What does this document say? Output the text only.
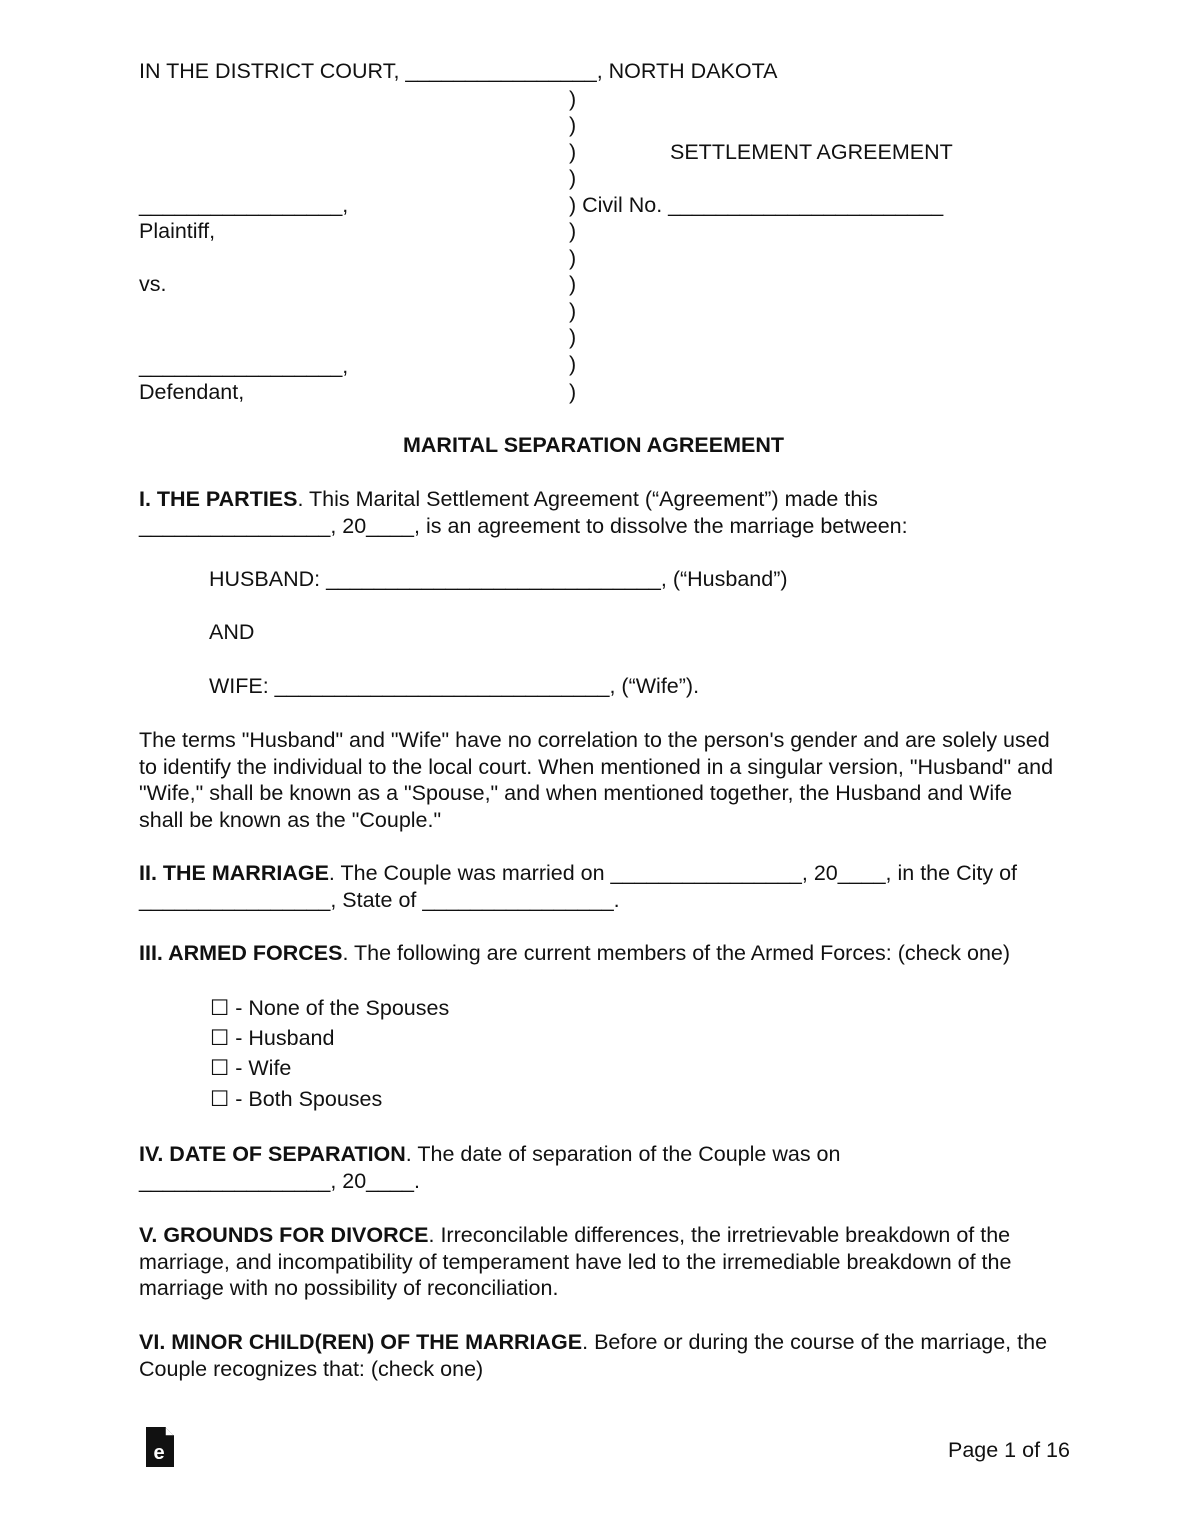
IN THE DISTRICT COURT, ________________, NORTH DAKOTA
)
)
)	SETTLEMENT AGREEMENT
)
_________________,	) Civil No. _______________________
Plaintiff,	)
)
vs.	)
)
)
_________________,	)
Defendant,	)
MARITAL SEPARATION AGREEMENT
I. THE PARTIES. This Marital Settlement Agreement (“Agreement”) made this ________________, 20____, is an agreement to dissolve the marriage between:
HUSBAND: ____________________________, (“Husband”)
AND
WIFE: ____________________________, (“Wife”).
The terms "Husband" and "Wife" have no correlation to the person's gender and are solely used to identify the individual to the local court. When mentioned in a singular version, "Husband" and "Wife," shall be known as a "Spouse," and when mentioned together, the Husband and Wife shall be known as the "Couple."
II. THE MARRIAGE. The Couple was married on ________________, 20____, in the City of ________________, State of ________________.
III. ARMED FORCES. The following are current members of the Armed Forces: (check one)
☐ - None of the Spouses
☐ - Husband
☐ - Wife
☐ - Both Spouses
IV. DATE OF SEPARATION. The date of separation of the Couple was on ________________, 20____.
V. GROUNDS FOR DIVORCE. Irreconcilable differences, the irretrievable breakdown of the marriage, and incompatibility of temperament have led to the irremediable breakdown of the marriage with no possibility of reconciliation.
VI. MINOR CHILD(REN) OF THE MARRIAGE. Before or during the course of the marriage, the Couple recognizes that: (check one)
e	Page 1 of 16
